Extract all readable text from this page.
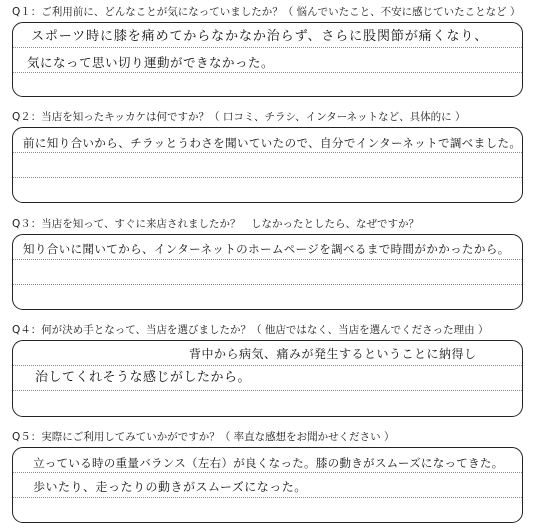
Q１：ご利用前に、どんなことが気になっていましたか？（ 悩んでいたこと、不安に感じていたことなど ）
スポーツ時に膝を痛めてからなかなか治らず、さらに股関節が痛くなり、
気になって思い切り運動ができなかった。
Q２：当店を知ったキッカケは何ですか？（ 口コミ、チラシ、インターネットなど、具体的に ）
前に知り合いから、チラッとうわさを聞いていたので、自分でインターネットで調べました。
Q３：当店を知って、すぐに来店されましたか？　しなかったとしたら、なぜですか？
知り合いに聞いてから、インターネットのホームページを調べるまで時間がかかったから。
Q４：何が決め手となって、当店を選びましたか？（ 他店ではなく、当店を選んでくださった理由 ）
背中から病気、痛みが発生するということに納得し
治してくれそうな感じがしたから。
Q５：実際にご利用してみていかがですか？（ 率直な感想をお聞かせください ）
立っている時の重量バランス（左右）が良くなった。膝の動きがスムーズになってきた。
歩いたり、走ったりの動きがスムーズになった。
